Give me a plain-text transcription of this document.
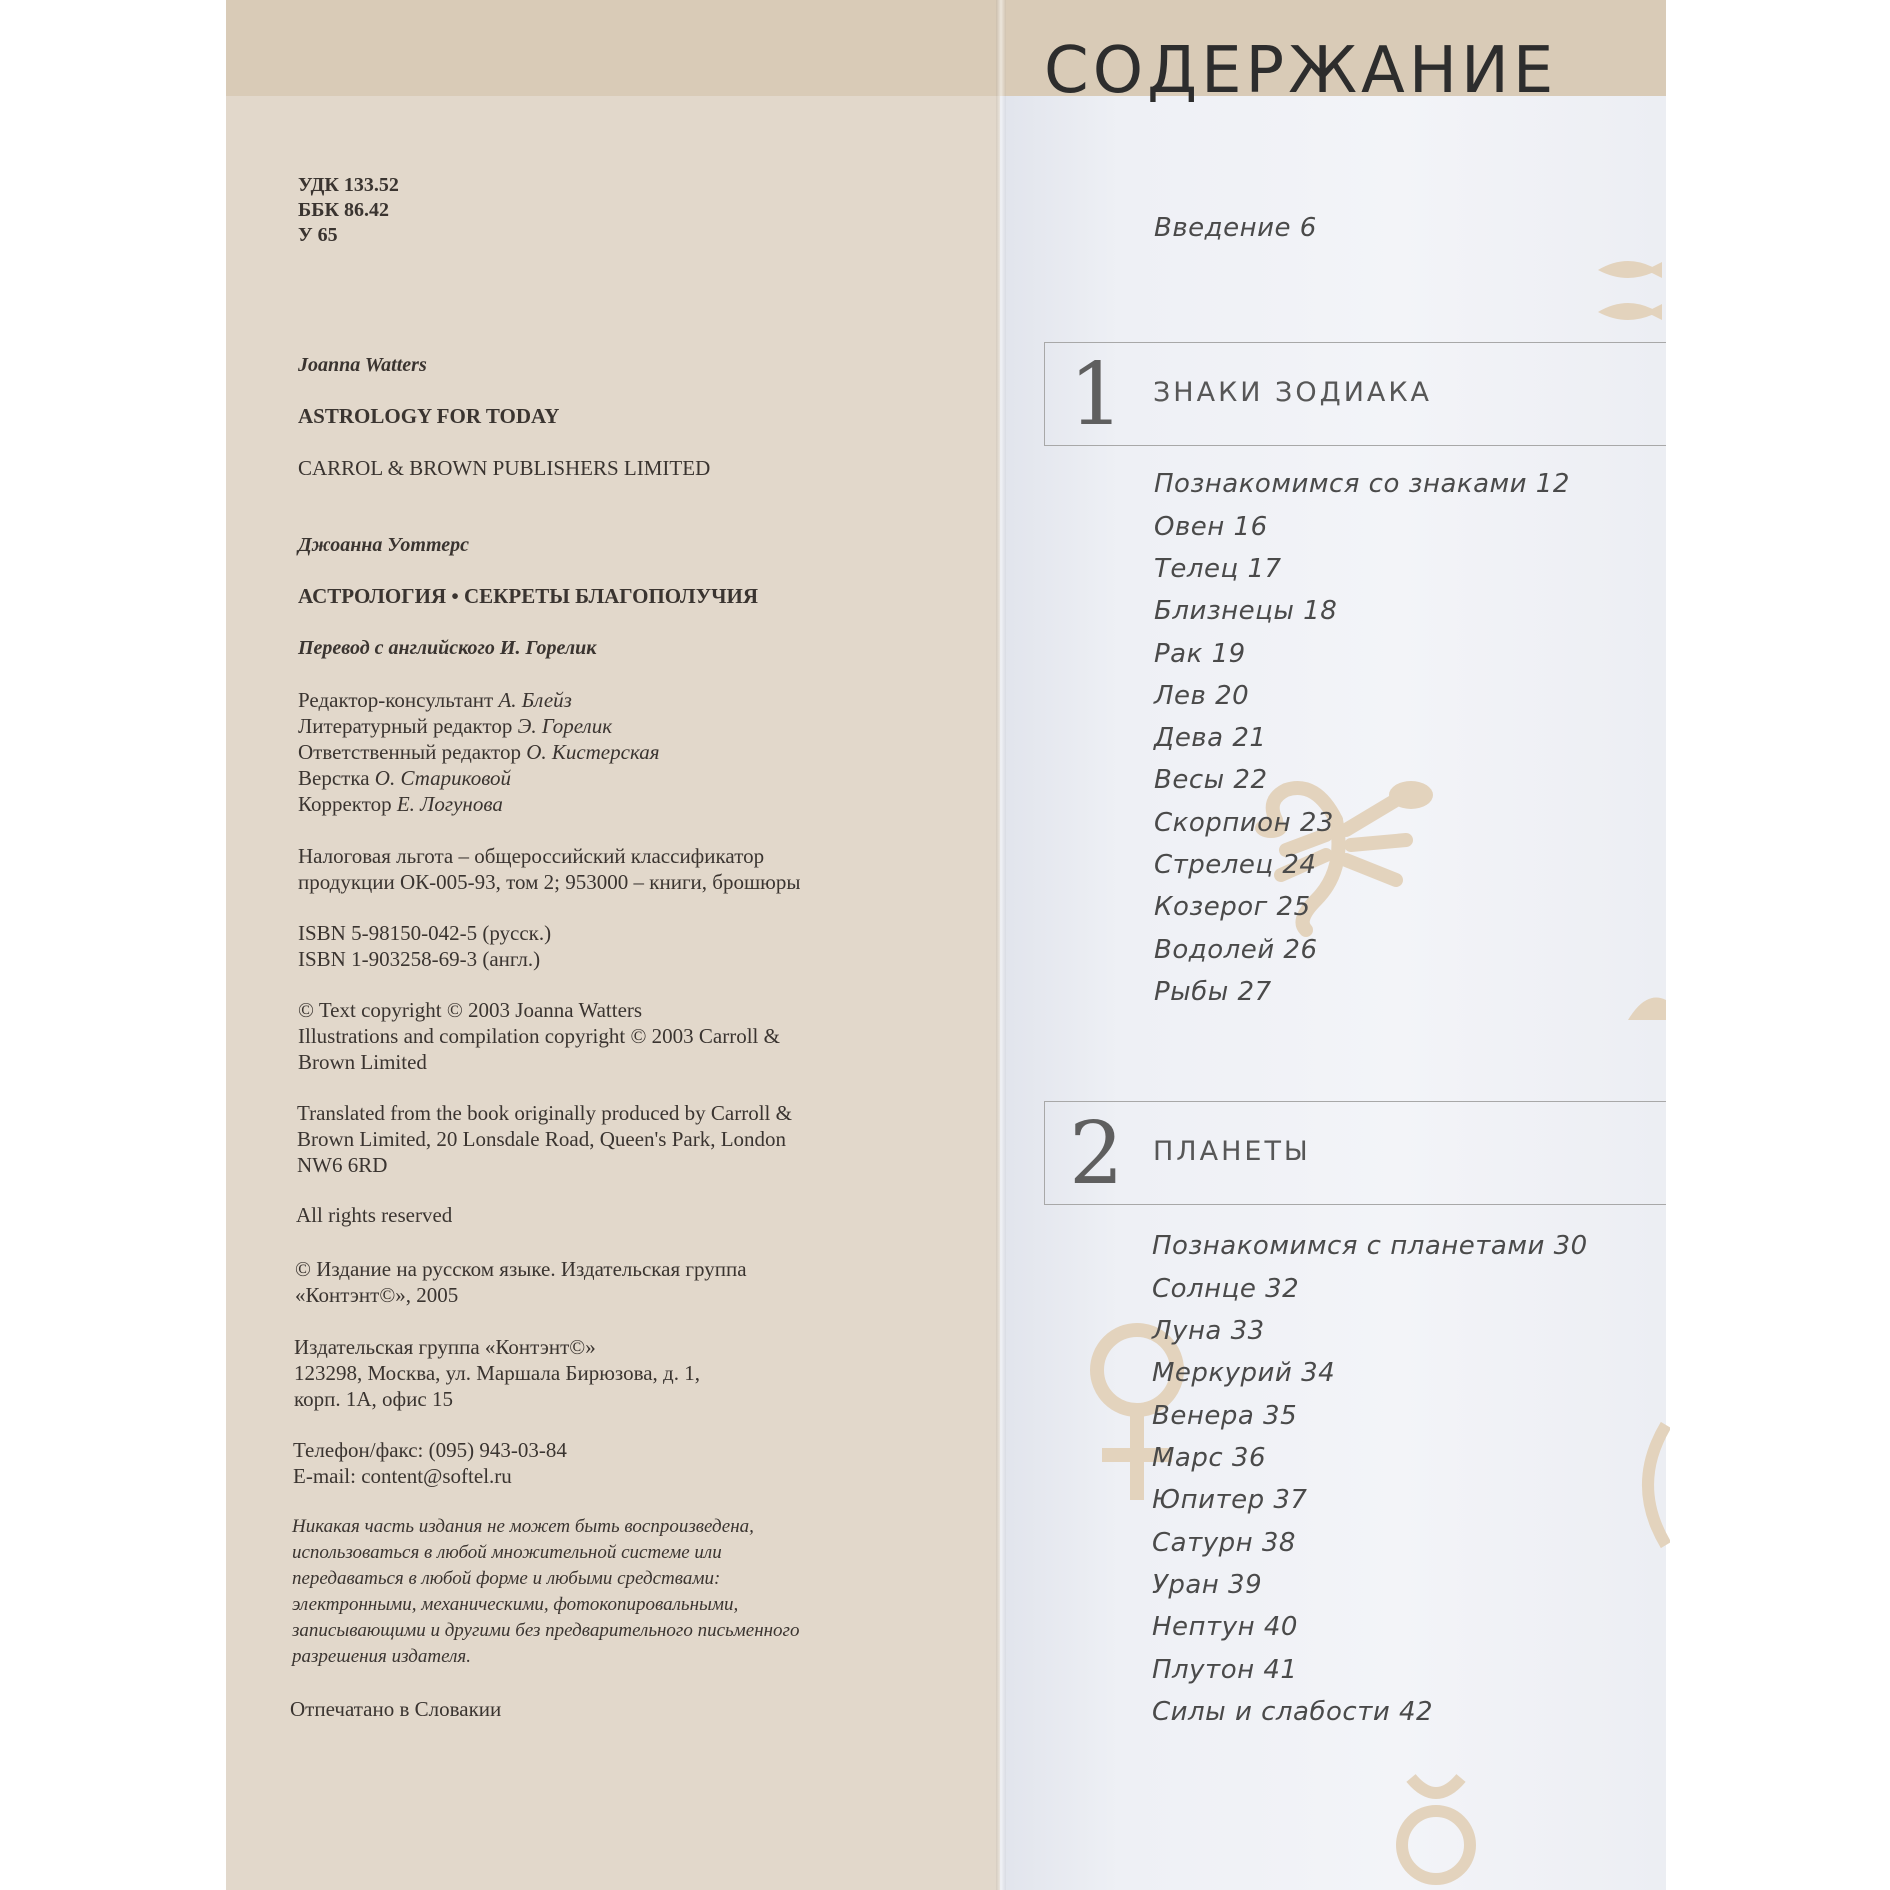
УДК 133.52
ББК 86.42
У 65
Joanna Watters
ASTROLOGY FOR TODAY
CARROL & BROWN PUBLISHERS LIMITED
Джоанна Уоттерс
АСТРОЛОГИЯ • СЕКРЕТЫ БЛАГОПОЛУЧИЯ
Перевод с английского И. Горелик
Редактор-консультант А. Блейз
Литературный редактор Э. Горелик
Ответственный редактор О. Кистерская
Верстка О. Стариковой
Корректор Е. Логунова
Налоговая льгота – общероссийский классификатор
продукции ОК-005-93, том 2; 953000 – книги, брошюры
ISBN 5-98150-042-5 (русск.)
ISBN 1-903258-69-3 (англ.)
© Text copyright © 2003 Joanna Watters
Illustrations and compilation copyright © 2003 Carroll &
Brown Limited
Translated from the book originally produced by Carroll &
Brown Limited, 20 Lonsdale Road, Queen's Park, London
NW6 6RD
All rights reserved
© Издание на русском языке. Издательская группа
«Контэнт©», 2005
Издательская группа «Контэнт©»
123298, Москва, ул. Маршала Бирюзова, д. 1,
корп. 1А, офис 15
Телефон/факс: (095) 943-03-84
E-mail: content@softel.ru
Никакая часть издания не может быть воспроизведена,
использоваться в любой множительной системе или
передаваться в любой форме и любыми средствами:
электронными, механическими, фотокопировальными,
записывающими и другими без предварительного письменного
разрешения издателя.
Отпечатано в Словакии
СОДЕРЖАНИЕ
Введение 6
1 ЗНАКИ ЗОДИАКА
Познакомимся со знаками 12
Овен 16
Телец 17
Близнецы 18
Рак 19
Лев 20
Дева 21
Весы 22
Скорпион 23
Стрелец 24
Козерог 25
Водолей 26
Рыбы 27
2 ПЛАНЕТЫ
Познакомимся с планетами 30
Солнце 32
Луна 33
Меркурий 34
Венера 35
Марс 36
Юпитер 37
Сатурн 38
Уран 39
Нептун 40
Плутон 41
Силы и слабости 42
